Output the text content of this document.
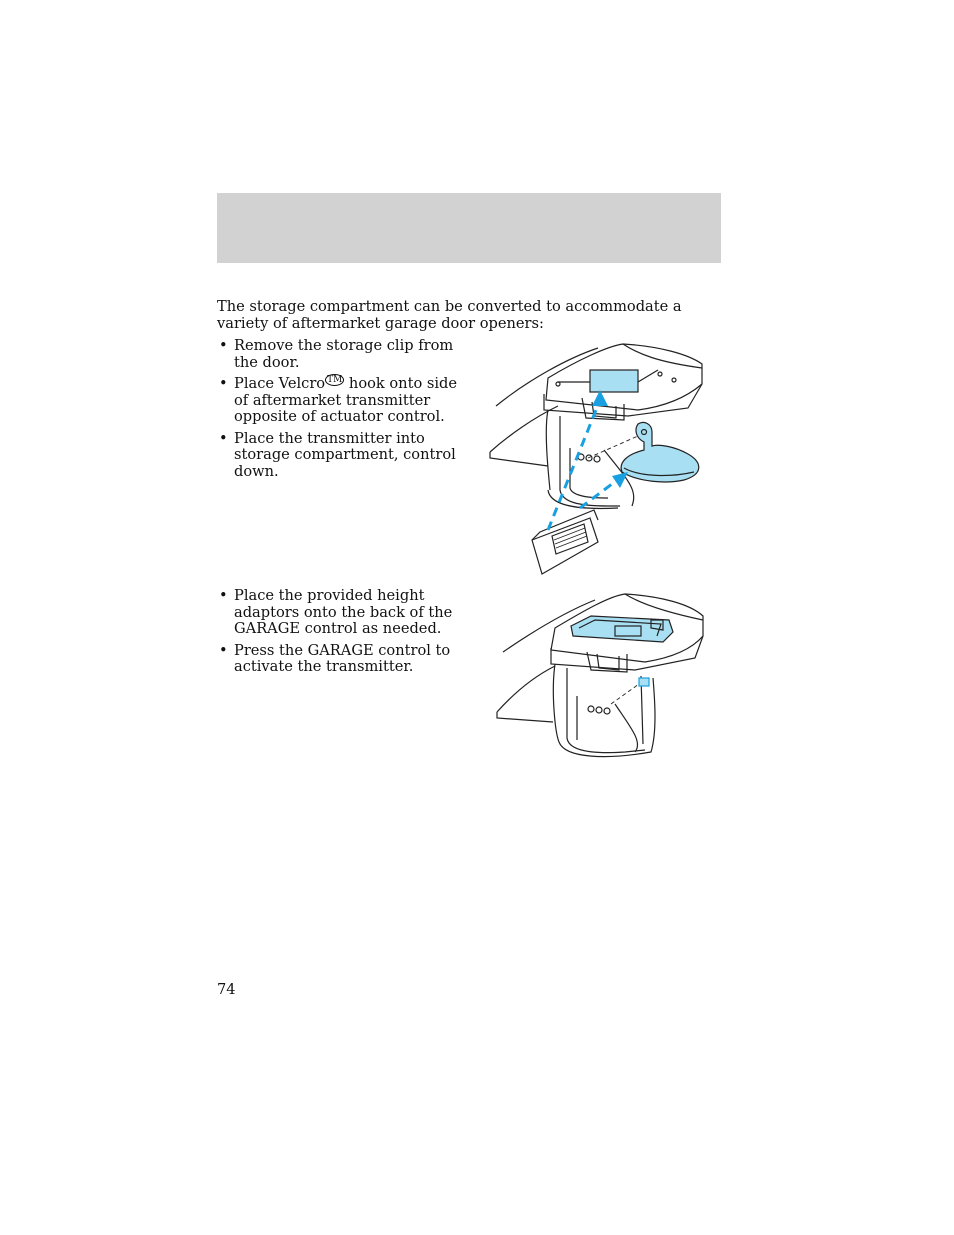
The storage compartment can be converted to accommodate a variety of aftermarket garage door openers:

• Remove the storage clip from the door.
• Place Velcro ™ hook onto side of aftermarket transmitter opposite of actuator control.
• Place the transmitter into storage compartment, control down.
• Place the provided height adaptors onto the back of the GARAGE control as needed.
• Press the GARAGE control to activate the transmitter.
74
